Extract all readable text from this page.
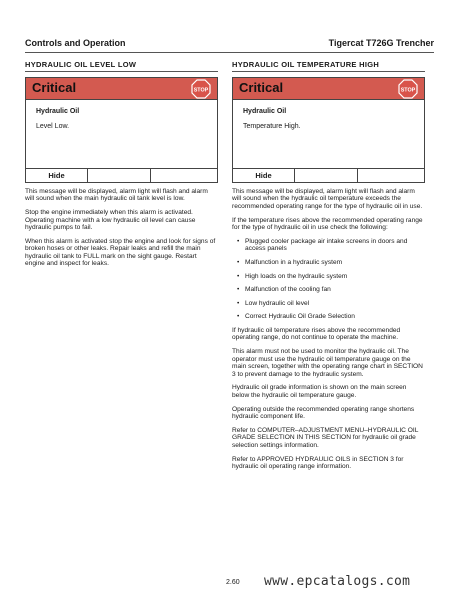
Controls and Operation	Tigercat T726G Trencher
HYDRAULIC OIL LEVEL LOW
Critical	STOP
Hydraulic Oil
Level Low.
Hide

This message will be displayed, alarm light will flash and alarm will sound when the main hydraulic oil tank level is low.

Stop the engine immediately when this alarm is activated. Operating machine with a low hydraulic oil level can cause hydraulic pumps to fail.

When this alarm is activated stop the engine and look for signs of broken hoses or other leaks. Repair leaks and refill the main hydraulic oil tank to FULL mark on the sight gauge. Restart engine and inspect for leaks.

HYDRAULIC OIL TEMPERATURE HIGH
Critical	STOP
Hydraulic Oil
Temperature High.
Hide

This message will be displayed, alarm light will flash and alarm will sound when the hydraulic oil temperature exceeds the recommended operating range for the type of hydraulic oil in use.

If the temperature rises above the recommended operating range for the type of hydraulic oil in use check the following:

• Plugged cooler package air intake screens in doors and access panels
• Malfunction in a hydraulic system
• High loads on the hydraulic system
• Malfunction of the cooling fan
• Low hydraulic oil level
• Correct Hydraulic Oil Grade Selection

If hydraulic oil temperature rises above the recommended operating range, do not continue to operate the machine.

This alarm must not be used to monitor the hydraulic oil. The operator must use the hydraulic oil temperature gauge on the main screen, together with the operating range chart in SECTION 3 to prevent damage to the hydraulic system.

Hydraulic oil grade information is shown on the main screen below the hydraulic oil temperature gauge.

Operating outside the recommended operating range shortens hydraulic component life.

Refer to COMPUTER–ADJUSTMENT MENU–HYDRAULIC OIL GRADE SELECTION IN THIS SECTION for hydraulic oil grade selection settings information.

Refer to APPROVED HYDRAULIC OILS in SECTION 3 for hydraulic oil operating range information.

2.60 www.epcatalogs.com
